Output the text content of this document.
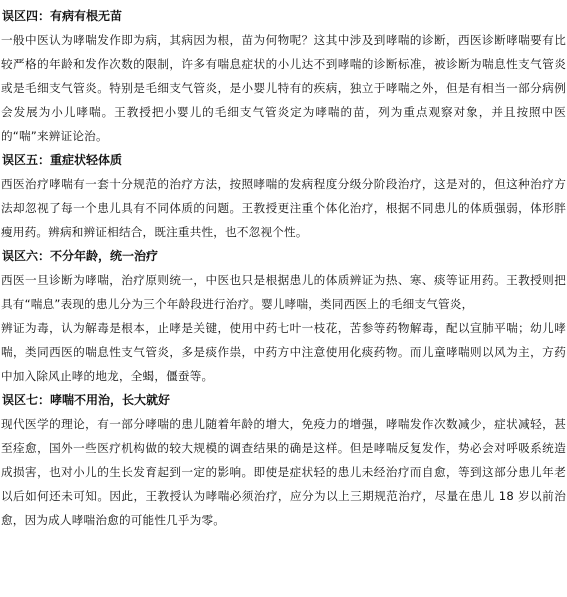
误区四：有病有根无苗
一般中医认为哮喘发作即为病，其病因为根，苗为何物呢？这其中涉及到哮喘的诊断，西医诊断哮喘要有比较严格的年龄和发作次数的限制，许多有喘息症状的小儿达不到哮喘的诊断标准，被诊断为喘息性支气管炎或是毛细支气管炎。特别是毛细支气管炎，是小婴儿特有的疾病，独立于哮喘之外，但是有相当一部分病例会发展为小儿哮喘。王教授把小婴儿的毛细支气管炎定为哮喘的苗，列为重点观察对象，并且按照中医的“喘”来辨证论治。
误区五：重症状轻体质
西医治疗哮喘有一套十分规范的治疗方法，按照哮喘的发病程度分级分阶段治疗，这是对的，但这种治疗方法却忽视了每一个患儿具有不同体质的问题。王教授更注重个体化治疗，根据不同患儿的体质强弱，体形胖瘦用药。辨病和辨证相结合，既注重共性，也不忽视个性。
误区六：不分年龄，统一治疗
西医一旦诊断为哮喘，治疗原则统一，中医也只是根据患儿的体质辨证为热、寒、痰等证用药。王教授则把具有“喘息”表现的患儿分为三个年龄段进行治疗。婴儿哮喘，类同西医上的毛细支气管炎，
辨证为毒，认为解毒是根本，止哮是关键，使用中药七叶一枝花，苦参等药物解毒，配以宣肺平喘；幼儿哮喘，类同西医的喘息性支气管炎，多是痰作祟，中药方中注意使用化痰药物。而儿童哮喘则以风为主，方药中加入除风止哮的地龙，全蝎，僵蚕等。
误区七：哮喘不用治，长大就好
现代医学的理论，有一部分哮喘的患儿随着年龄的增大，免疫力的增强，哮喘发作次数减少，症状减轻，甚至痊愈，国外一些医疗机构做的较大规模的调查结果的确是这样。但是哮喘反复发作，势必会对呼吸系统造成损害，也对小儿的生长发育起到一定的影响。即使是症状轻的患儿未经治疗而自愈，等到这部分患儿年老以后如何还未可知。因此，王教授认为哮喘必须治疗，应分为以上三期规范治疗，尽量在患儿 18 岁以前治愈，因为成人哮喘治愈的可能性几乎为零。
